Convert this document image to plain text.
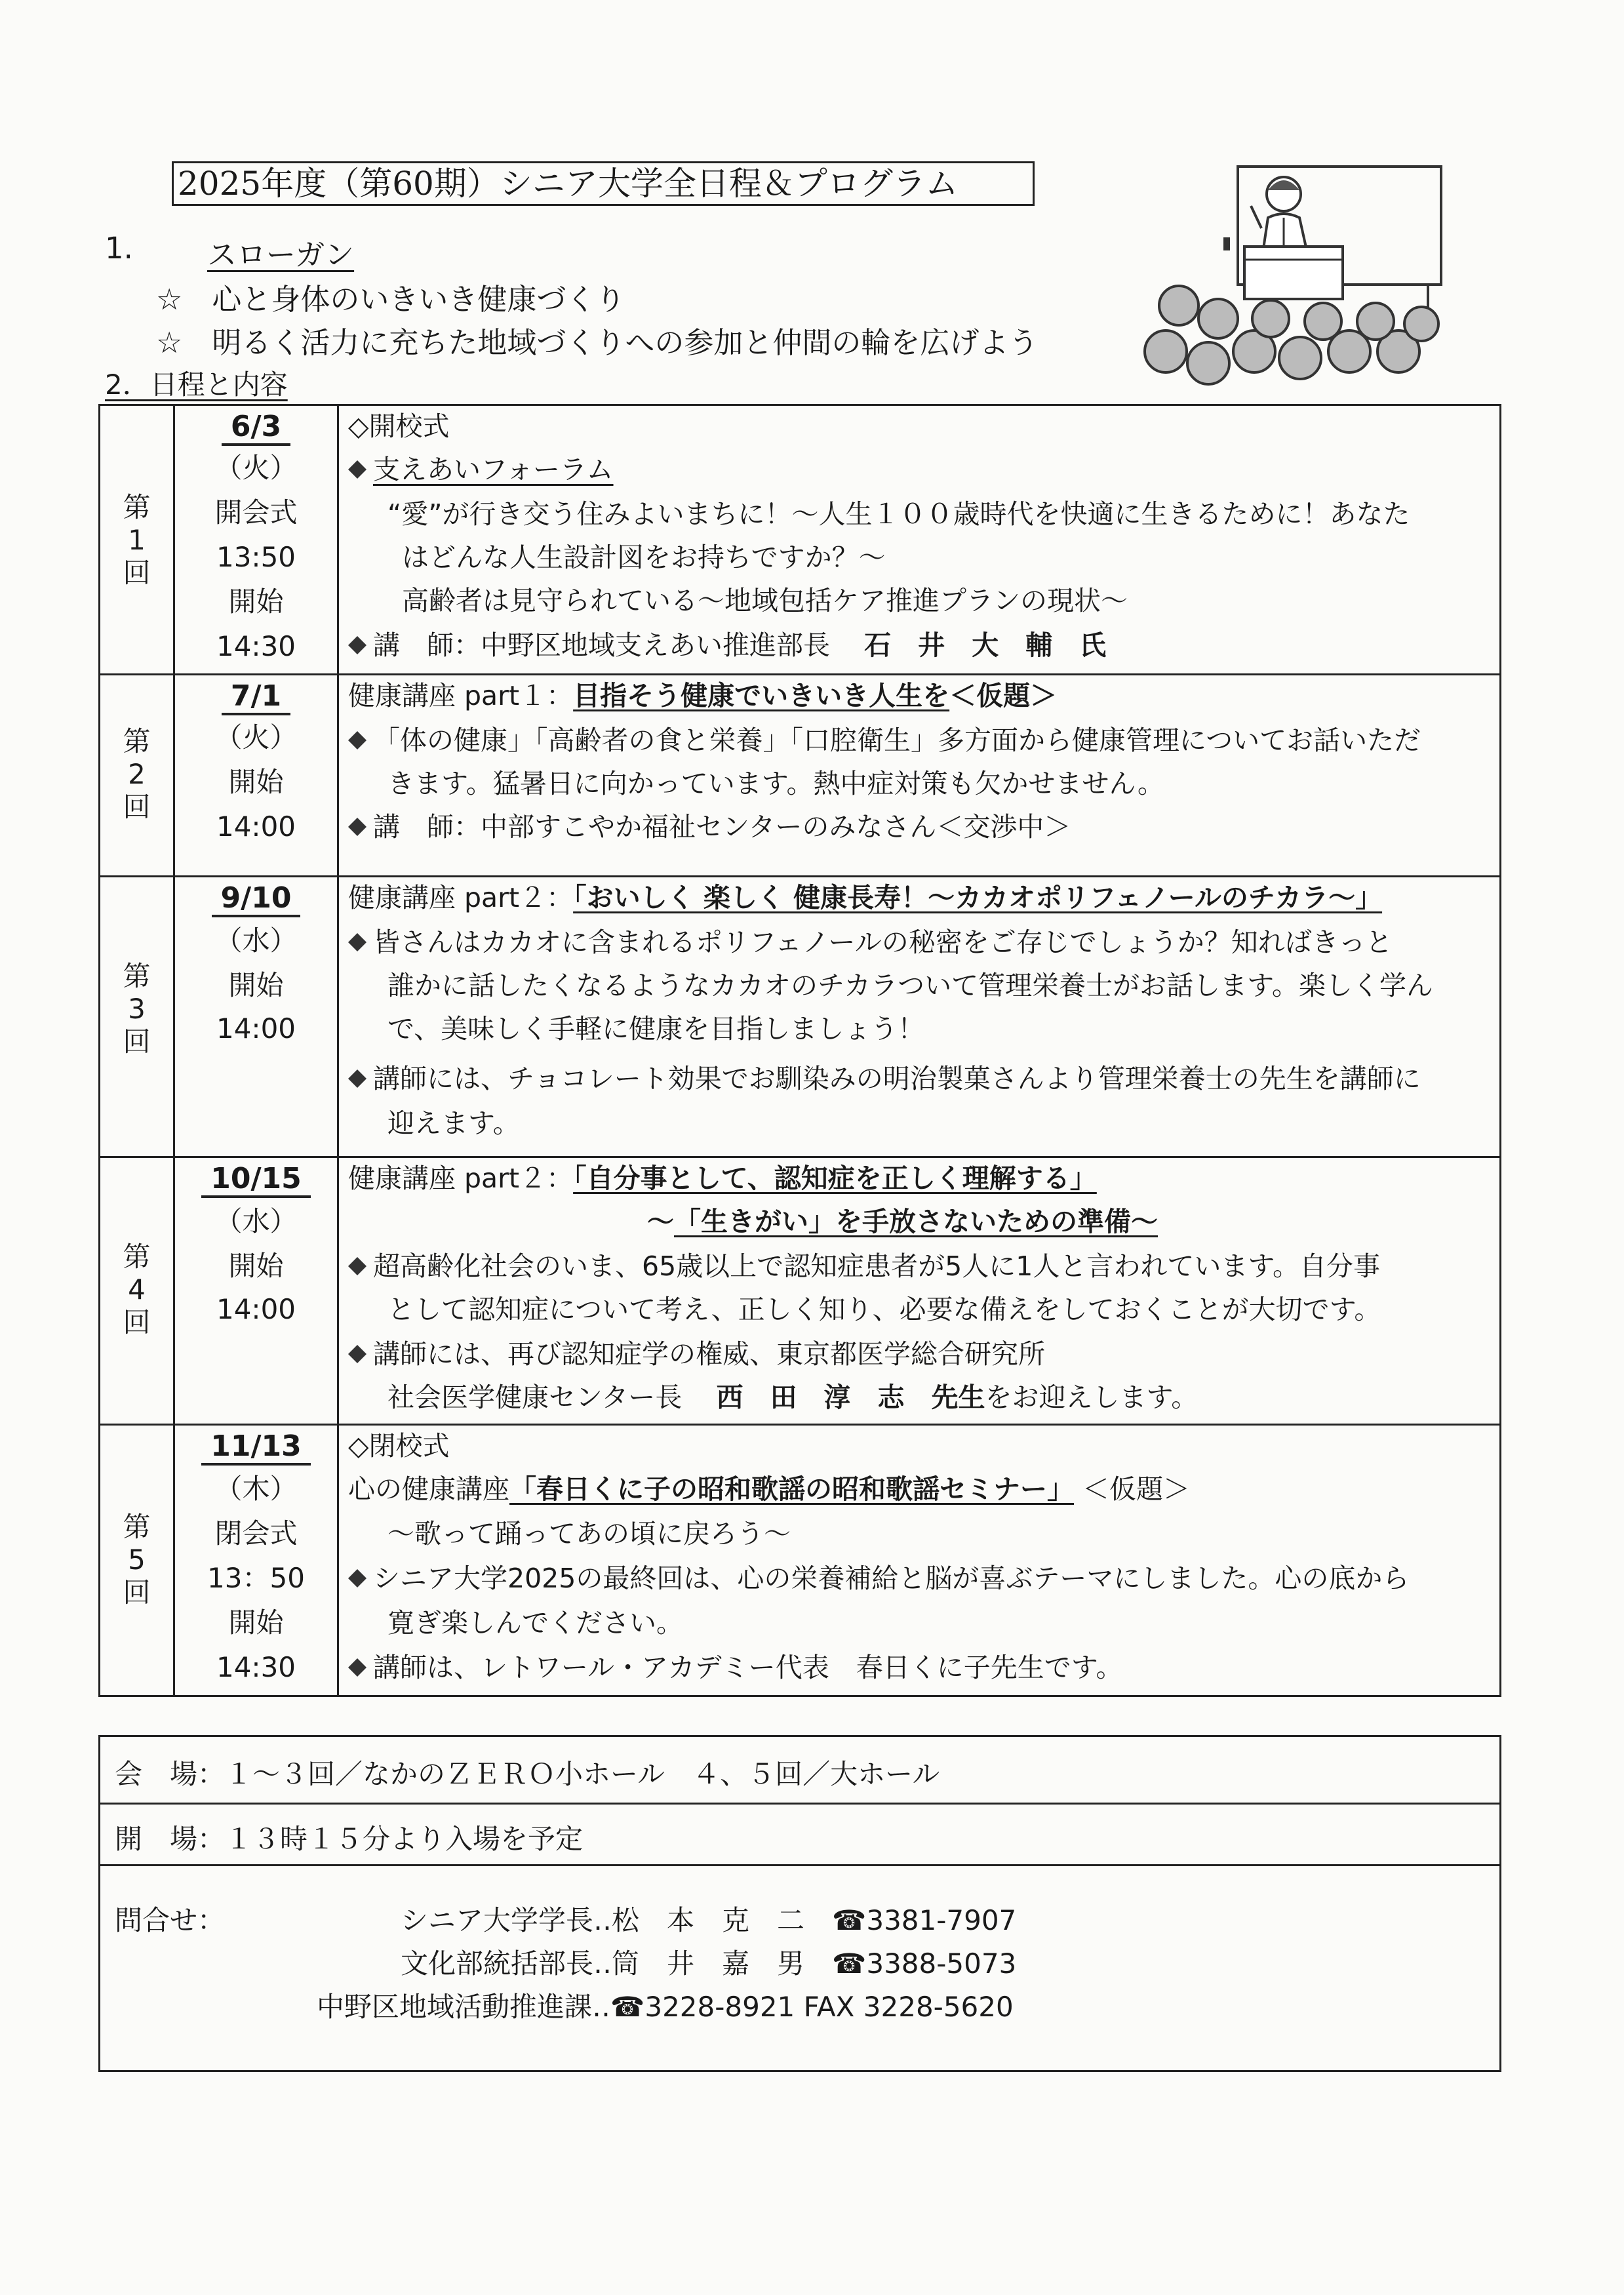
2025年度（第60期）シニア大学全日程＆プログラム
1.	スローガン
☆　心と身体のいきいき健康づくり
☆　明るく活力に充ちた地域づくりへの参加と仲間の輪を広げよう
2．日程と内容
第
1
回
6/3
（火）
開会式
13:50
開始
14:30
◇開校式
支えあいフォーラム
“愛”が行き交う住みよいまちに！～人生１００歳時代を快適に生きるために！あなた
はどんな人生設計図をお持ちですか？～
高齢者は見守られている～地域包括ケア推進プランの現状～
講　師：中野区地域支えあい推進部長 石　井　大　輔　氏
第
2
回
7/1
（火）
開始
14:00
健康講座 part１：目指そう健康でいきいき人生を＜仮題＞
「体の健康」「高齢者の食と栄養」「口腔衛生」多方面から健康管理についてお話いただ
きます。猛暑日に向かっています。熱中症対策も欠かせません。
講　師：中部すこやか福祉センターのみなさん＜交渉中＞
第
3
回
9/10
（水）
開始
14:00
健康講座 part２：「おいしく 楽しく 健康長寿！～カカオポリフェノールのチカラ～」
皆さんはカカオに含まれるポリフェノールの秘密をご存じでしょうか？知ればきっと
誰かに話したくなるようなカカオのチカラついて管理栄養士がお話します。楽しく学ん
で、美味しく手軽に健康を目指しましょう！
講師には、チョコレート効果でお馴染みの明治製菓さんより管理栄養士の先生を講師に
迎えます。
第
4
回
10/15
（水）
開始
14:00
健康講座 part２：「自分事として、認知症を正しく理解する」
～「生きがい」を手放さないための準備～
超高齢化社会のいま、65歳以上で認知症患者が5人に1人と言われています。自分事
として認知症について考え、正しく知り、必要な備えをしておくことが大切です。
講師には、再び認知症学の権威、東京都医学総合研究所
社会医学健康センター長 西　田　淳　志　先生をお迎えします。
第
5
回
11/13
（木）
閉会式
13：50
開始
14:30
◇閉校式
心の健康講座「春日くに子の昭和歌謡の昭和歌謡セミナー」 ＜仮題＞
～歌って踊ってあの頃に戻ろう～
シニア大学2025の最終回は、心の栄養補給と脳が喜ぶテーマにしました。心の底から
寛ぎ楽しんでください。
講師は、レトワール・アカデミー代表　春日くに子先生です。
会　場：１～３回／なかのＺＥＲＯ小ホール　４、５回／大ホール
開　場：１３時１５分より入場を予定
問合せ：	シニア大学学長‥松　本　克　二　☎3381-7907
文化部統括部長‥筒　井　嘉　男　☎3388-5073
中野区地域活動推進課‥☎3228-8921 FAX 3228-5620
